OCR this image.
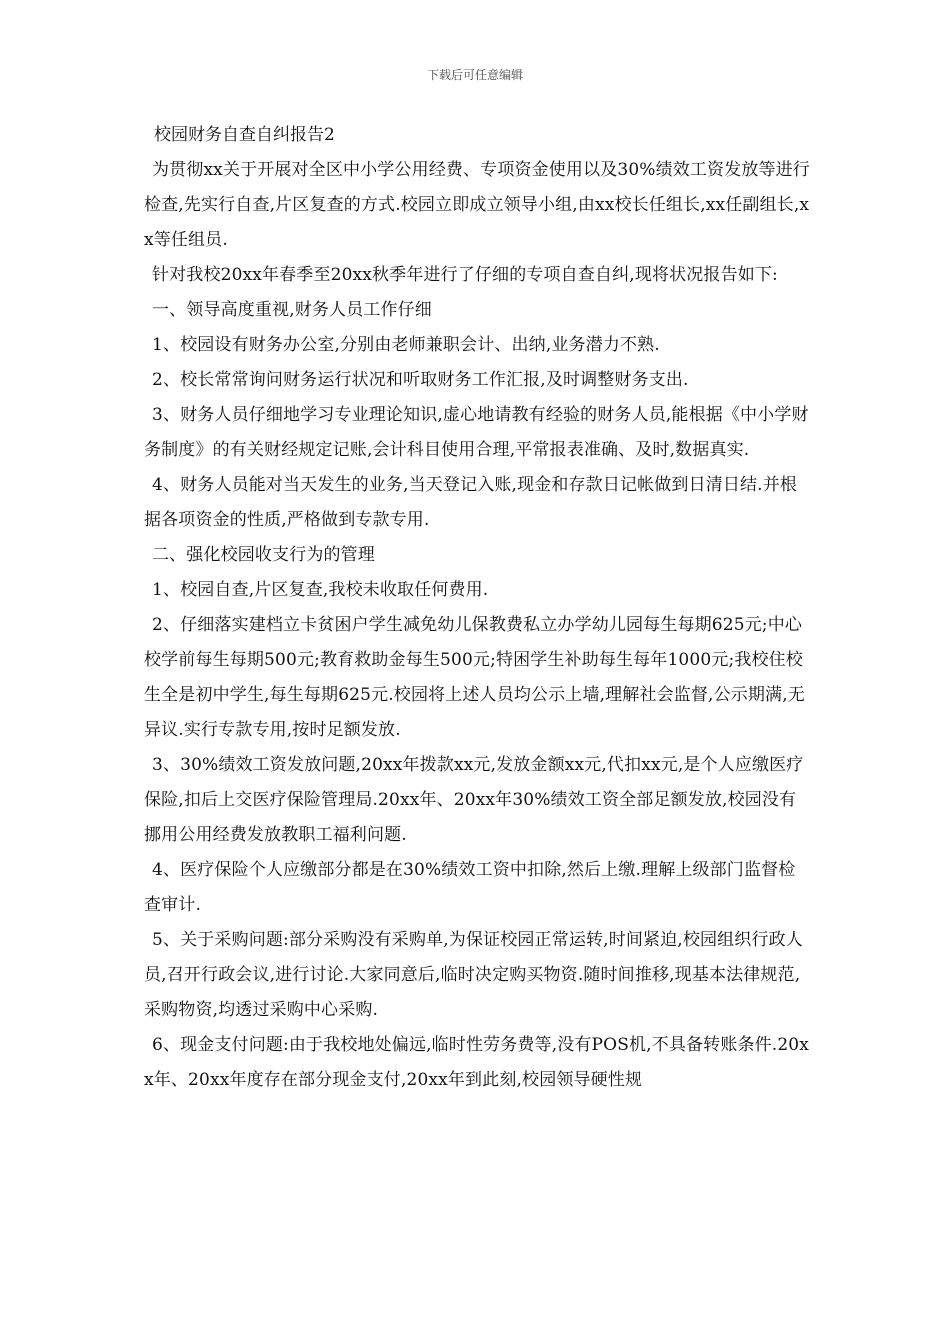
下载后可任意编辑

校园财务自查自纠报告2

为贯彻xx关于开展对全区中小学公用经费、专项资金使用以及30%绩效工资发放等进行检查,先实行自查,片区复查的方式.校园立即成立领导小组,由xx校长任组长,xx任副组长,xx等任组员.

针对我校20xx年春季至20xx秋季年进行了仔细的专项自查自纠,现将状况报告如下:

一、领导高度重视,财务人员工作仔细

1、校园设有财务办公室,分别由老师兼职会计、出纳,业务潜力不熟.

2、校长常常询问财务运行状况和听取财务工作汇报,及时调整财务支出.

3、财务人员仔细地学习专业理论知识,虚心地请教有经验的财务人员,能根据《中小学财务制度》的有关财经规定记账,会计科目使用合理,平常报表准确、及时,数据真实.

4、财务人员能对当天发生的业务,当天登记入账,现金和存款日记帐做到日清日结.并根据各项资金的性质,严格做到专款专用.

二、强化校园收支行为的管理

1、校园自查,片区复查,我校未收取任何费用.

2、仔细落实建档立卡贫困户学生减免幼儿保教费私立办学幼儿园每生每期625元;中心校学前每生每期500元;教育救助金每生500元;特困学生补助每生每年1000元;我校住校生全是初中学生,每生每期625元.校园将上述人员均公示上墙,理解社会监督,公示期满,无异议.实行专款专用,按时足额发放.

3、30%绩效工资发放问题,20xx年拨款xx元,发放金额xx元,代扣xx元,是个人应缴医疗保险,扣后上交医疗保险管理局.20xx年、20xx年30%绩效工资全部足额发放,校园没有挪用公用经费发放教职工福利问题.

4、医疗保险个人应缴部分都是在30%绩效工资中扣除,然后上缴.理解上级部门监督检查审计.

5、关于采购问题:部分采购没有采购单,为保证校园正常运转,时间紧迫,校园组织行政人员,召开行政会议,进行讨论.大家同意后,临时决定购买物资.随时间推移,现基本法律规范,采购物资,均透过采购中心采购.

6、现金支付问题:由于我校地处偏远,临时性劳务费等,没有POS机,不具备转账条件.20xx年、20xx年度存在部分现金支付,20xx年到此刻,校园领导硬性规
